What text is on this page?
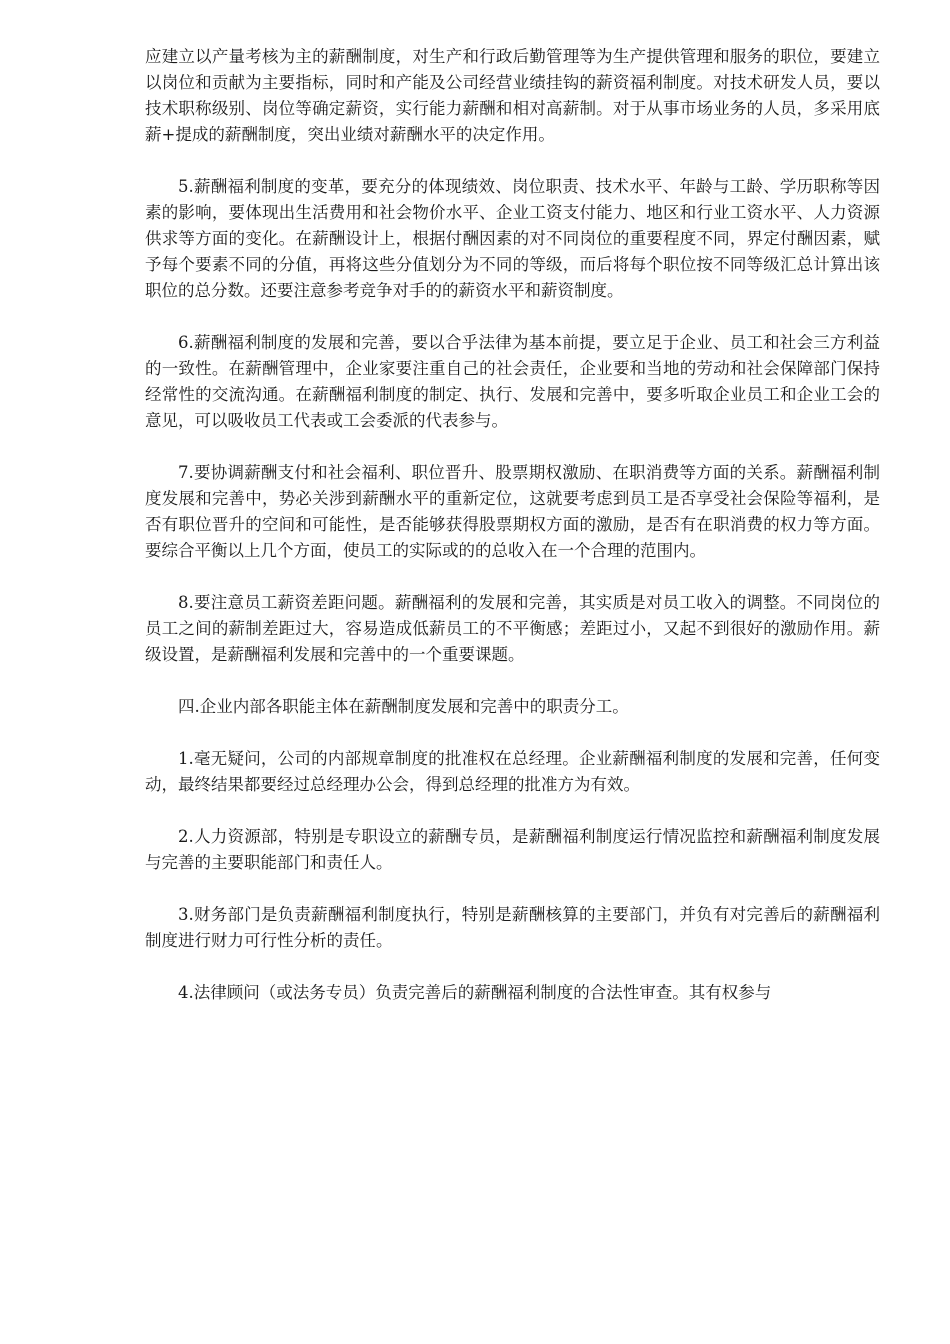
应建立以产量考核为主的薪酬制度，对生产和行政后勤管理等为生产提供管理和服务的职位，要建立以岗位和贡献为主要指标，同时和产能及公司经营业绩挂钩的薪资福利制度。对技术研发人员，要以技术职称级别、岗位等确定薪资，实行能力薪酬和相对高薪制。对于从事市场业务的人员，多采用底薪+提成的薪酬制度，突出业绩对薪酬水平的决定作用。

5.薪酬福利制度的变革，要充分的体现绩效、岗位职责、技术水平、年龄与工龄、学历职称等因素的影响，要体现出生活费用和社会物价水平、企业工资支付能力、地区和行业工资水平、人力资源供求等方面的变化。在薪酬设计上，根据付酬因素的对不同岗位的重要程度不同，界定付酬因素，赋予每个要素不同的分值，再将这些分值划分为不同的等级，而后将每个职位按不同等级汇总计算出该职位的总分数。还要注意参考竞争对手的的薪资水平和薪资制度。

6.薪酬福利制度的发展和完善，要以合乎法律为基本前提，要立足于企业、员工和社会三方利益的一致性。在薪酬管理中，企业家要注重自己的社会责任，企业要和当地的劳动和社会保障部门保持经常性的交流沟通。在薪酬福利制度的制定、执行、发展和完善中，要多听取企业员工和企业工会的意见，可以吸收员工代表或工会委派的代表参与。

7.要协调薪酬支付和社会福利、职位晋升、股票期权激励、在职消费等方面的关系。薪酬福利制度发展和完善中，势必关涉到薪酬水平的重新定位，这就要考虑到员工是否享受社会保险等福利，是否有职位晋升的空间和可能性，是否能够获得股票期权方面的激励，是否有在职消费的权力等方面。要综合平衡以上几个方面，使员工的实际或的的总收入在一个合理的范围内。

8.要注意员工薪资差距问题。薪酬福利的发展和完善，其实质是对员工收入的调整。不同岗位的员工之间的薪制差距过大，容易造成低薪员工的不平衡感；差距过小，又起不到很好的激励作用。薪级设置，是薪酬福利发展和完善中的一个重要课题。

四.企业内部各职能主体在薪酬制度发展和完善中的职责分工。

1.毫无疑问，公司的内部规章制度的批准权在总经理。企业薪酬福利制度的发展和完善，任何变动，最终结果都要经过总经理办公会，得到总经理的批准方为有效。

2.人力资源部，特别是专职设立的薪酬专员，是薪酬福利制度运行情况监控和薪酬福利制度发展与完善的主要职能部门和责任人。

3.财务部门是负责薪酬福利制度执行，特别是薪酬核算的主要部门，并负有对完善后的薪酬福利制度进行财力可行性分析的责任。

4.法律顾问（或法务专员）负责完善后的薪酬福利制度的合法性审查。其有权参与
